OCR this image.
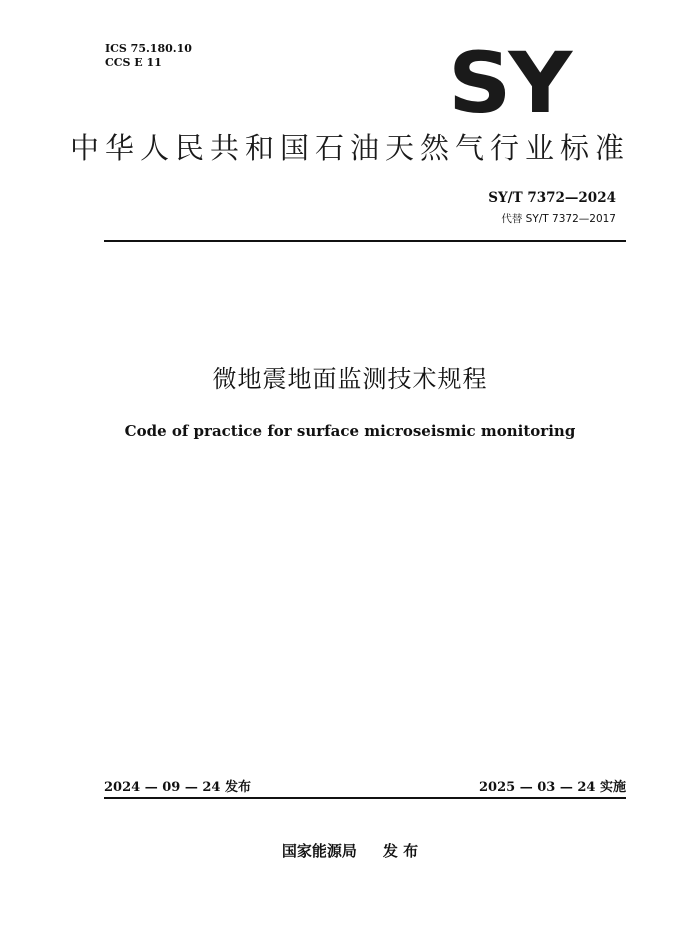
ICS 75.180.10
CCS E 11	SY
中华人民共和国石油天然气行业标准
SY/T 7372—2024
代替 SY/T 7372—2017
微地震地面监测技术规程
Code of practice for surface microseismic monitoring
2024 — 09 — 24 发布	2025 — 03 — 24 实施
国家能源局 发 布
